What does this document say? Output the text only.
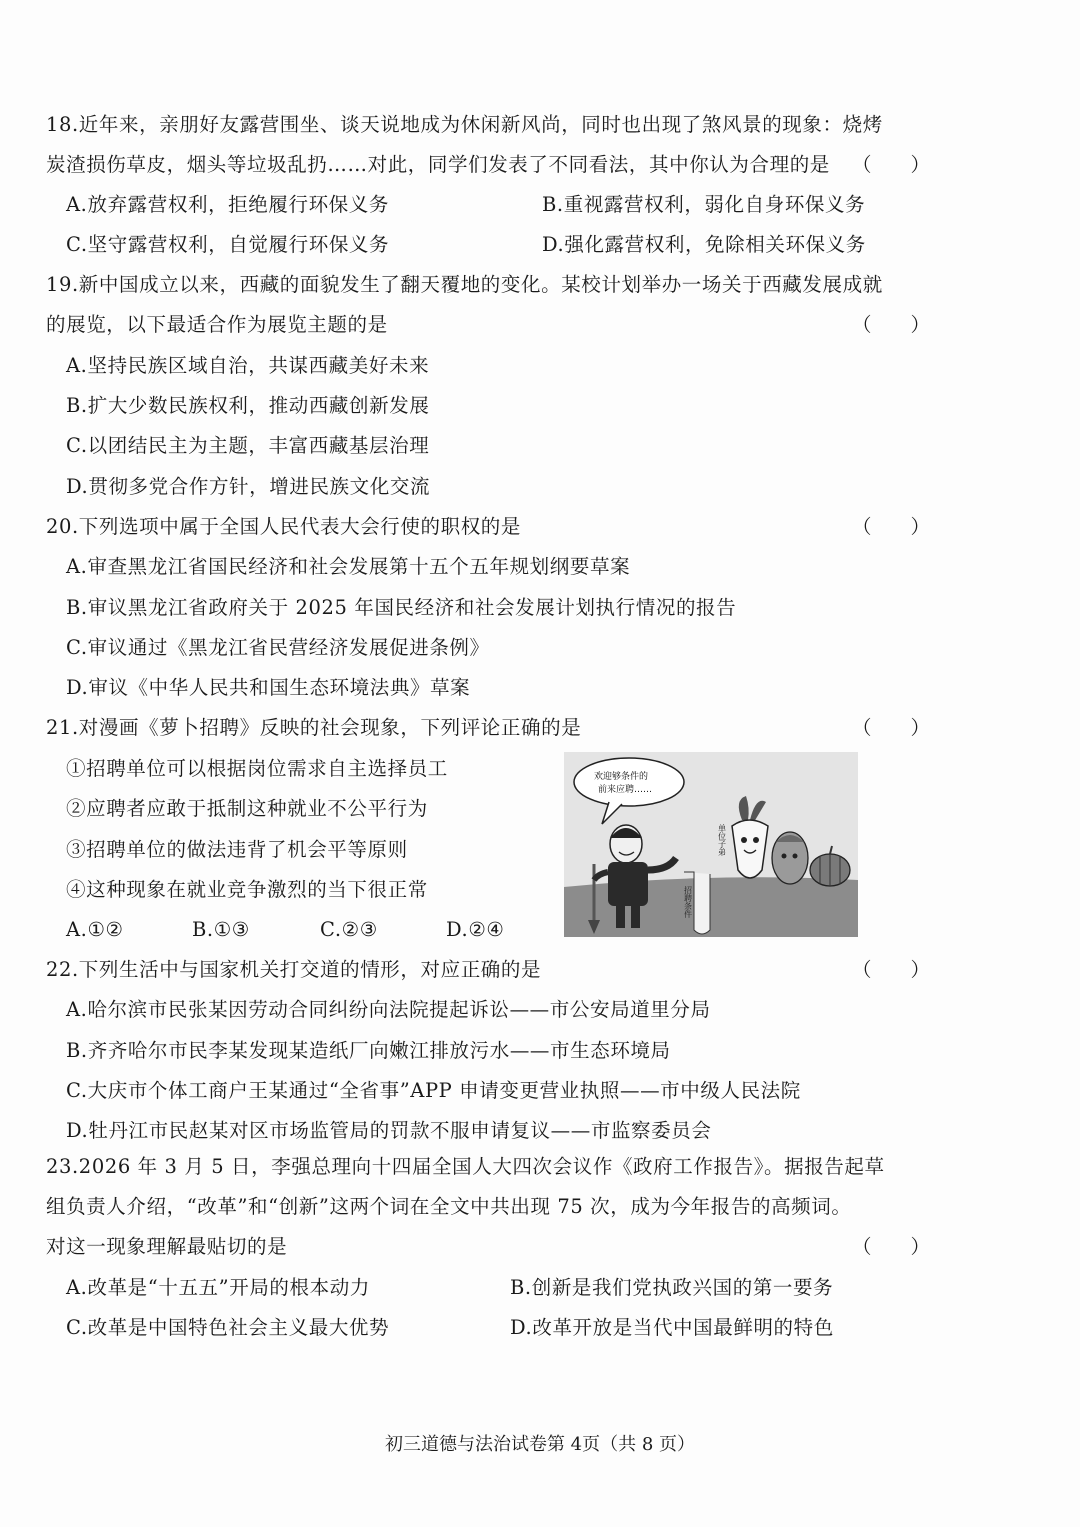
18.近年来，亲朋好友露营围坐、谈天说地成为休闲新风尚，同时也出现了煞风景的现象：烧烤
炭渣损伤草皮，烟头等垃圾乱扔……对此，同学们发表了不同看法，其中你认为合理的是 （　　）
A.放弃露营权利，拒绝履行环保义务	B.重视露营权利，弱化自身环保义务
C.坚守露营权利，自觉履行环保义务	D.强化露营权利，免除相关环保义务
19.新中国成立以来，西藏的面貌发生了翻天覆地的变化。某校计划举办一场关于西藏发展成就
的展览，以下最适合作为展览主题的是	（　　）
A.坚持民族区域自治，共谋西藏美好未来
B.扩大少数民族权利，推动西藏创新发展
C.以团结民主为主题，丰富西藏基层治理
D.贯彻多党合作方针，增进民族文化交流
20.下列选项中属于全国人民代表大会行使的职权的是	（　　）
A.审查黑龙江省国民经济和社会发展第十五个五年规划纲要草案
B.审议黑龙江省政府关于 2025 年国民经济和社会发展计划执行情况的报告
C.审议通过《黑龙江省民营经济发展促进条例》
D.审议《中华人民共和国生态环境法典》草案
21.对漫画《萝卜招聘》反映的社会现象，下列评论正确的是	（　　）
①招聘单位可以根据岗位需求自主选择员工
②应聘者应敢于抵制这种就业不公平行为
③招聘单位的做法违背了机会平等原则
④这种现象在就业竞争激烈的当下很正常
A.①②	B.①③	C.②③	D.②④
招聘条件
欢迎够条件的
前来应聘……
单位子弟
22.下列生活中与国家机关打交道的情形，对应正确的是	（　　）
A.哈尔滨市民张某因劳动合同纠纷向法院提起诉讼——市公安局道里分局
B.齐齐哈尔市民李某发现某造纸厂向嫩江排放污水——市生态环境局
C.大庆市个体工商户王某通过“全省事”APP 申请变更营业执照——市中级人民法院
D.牡丹江市民赵某对区市场监管局的罚款不服申请复议——市监察委员会
23.2026 年 3 月 5 日，李强总理向十四届全国人大四次会议作《政府工作报告》。据报告起草
组负责人介绍，“改革”和“创新”这两个词在全文中共出现 75 次，成为今年报告的高频词。
对这一现象理解最贴切的是	（　　）
A.改革是“十五五”开局的根本动力	B.创新是我们党执政兴国的第一要务
C.改革是中国特色社会主义最大优势	D.改革开放是当代中国最鲜明的特色
初三道德与法治试卷第 4页（共 8 页）
